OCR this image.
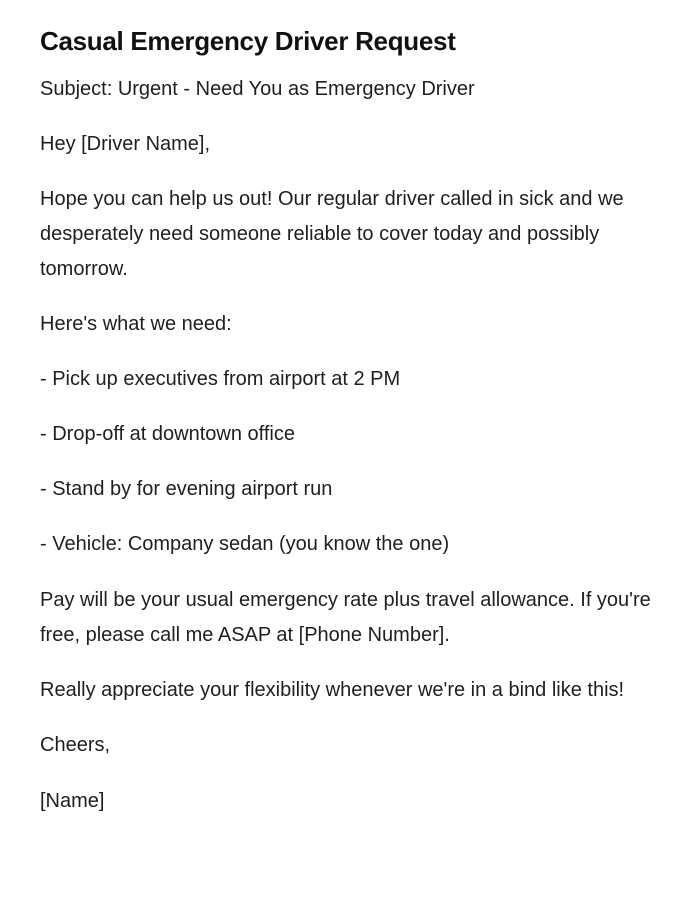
Casual Emergency Driver Request

Subject: Urgent - Need You as Emergency Driver

Hey [Driver Name],

Hope you can help us out! Our regular driver called in sick and we desperately need someone reliable to cover today and possibly tomorrow.

Here's what we need:

- Pick up executives from airport at 2 PM

- Drop-off at downtown office

- Stand by for evening airport run

- Vehicle: Company sedan (you know the one)

Pay will be your usual emergency rate plus travel allowance. If you're free, please call me ASAP at [Phone Number].

Really appreciate your flexibility whenever we're in a bind like this!

Cheers,

[Name]
